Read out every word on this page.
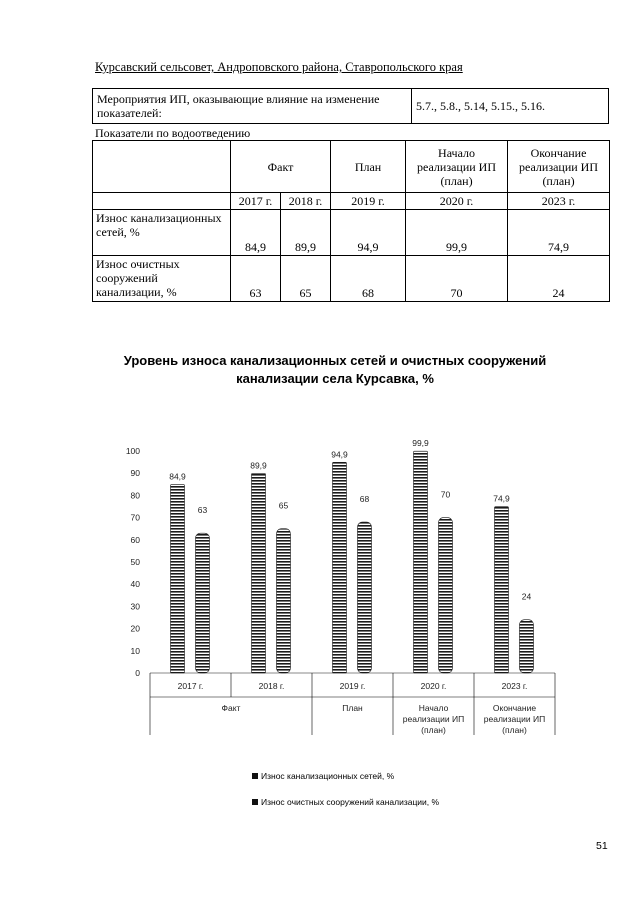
Курсавский сельсовет, Андроповского района, Ставропольского края
Мероприятия ИП, оказывающие влияние на изменение показателей:	5.7., 5.8., 5.14, 5.15., 5.16.
Показатели по водоотведению
	Факт		План	Начало реализации ИП (план)	Окончание реализации ИП (план)
	2017 г.	2018 г.	2019 г.	2020 г.	2023 г.
Износ канализационных сетей, %	84,9	89,9	94,9	99,9	74,9
Износ очистных сооружений канализации, %	63	65	68	70	24
Уровень износа канализационных сетей и очистных сооружений канализации села Курсавка, %
0
10
20
30
40
50
60
70
80
90
100
84,9
63
2017 г.
89,9
65
2018 г.
94,9
68
2019 г.
99,9
70
2020 г.
74,9
24
2023 г.
Факт	План	Начало
реализации ИП
(план)
Окончание
реализации ИП
(план)
Износ канализационных сетей, %
Износ очистных сооружений канализации, %
51
